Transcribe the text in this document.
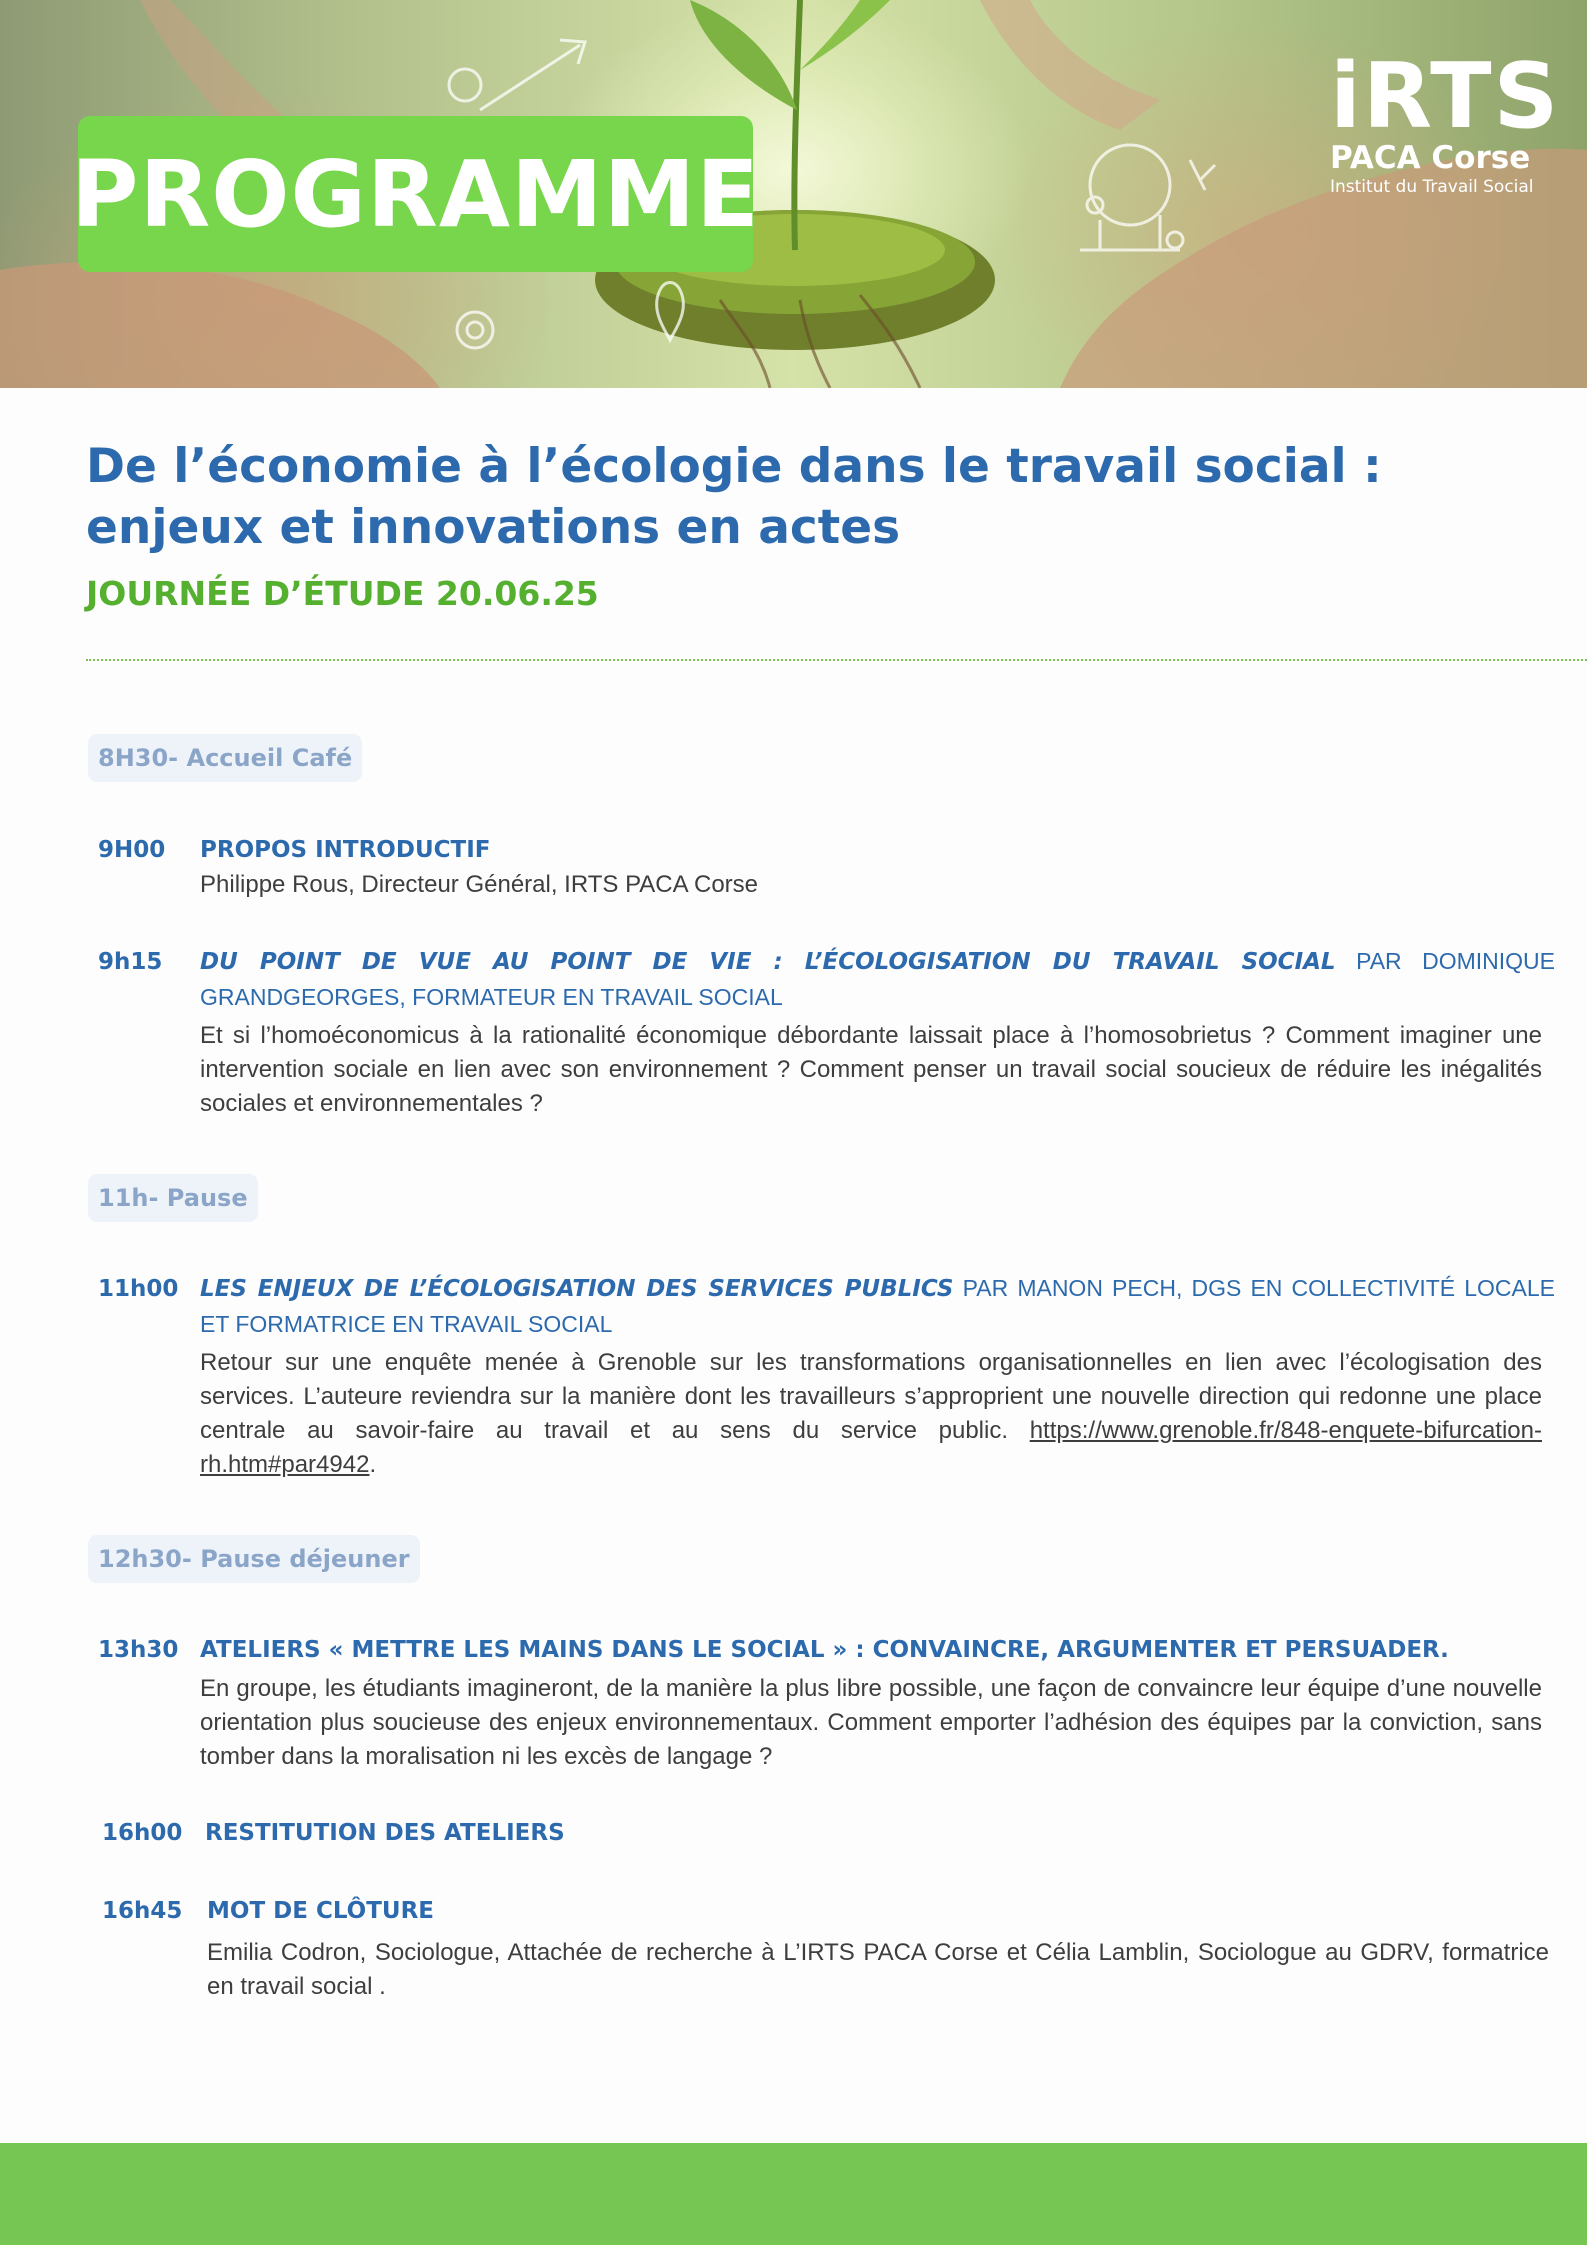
PROGRAMME
iRTS
PACA Corse
Institut du Travail Social
De l’économie à l’écologie dans le travail social :
enjeux et innovations en actes
JOURNÉE D’ÉTUDE 20.06.25
8H30- Accueil Café
9H00 PROPOS INTRODUCTIF

Philippe Rous, Directeur Général, IRTS PACA Corse

9h15 DU POINT DE VUE AU POINT DE VIE : L’ÉCOLOGISATION DU TRAVAIL SOCIAL PAR DOMINIQUE GRANDGEORGES, FORMATEUR EN TRAVAIL SOCIAL

Et si l’homoéconomicus à la rationalité économique débordante laissait place à l’homosobrietus ? Comment imaginer une intervention sociale en lien avec son environnement ? Comment penser un travail social soucieux de réduire les inégalités sociales et environnementales ?

11h- Pause
11h00 LES ENJEUX DE L’ÉCOLOGISATION DES SERVICES PUBLICS PAR MANON PECH, DGS EN COLLECTIVITÉ LOCALE ET FORMATRICE EN TRAVAIL SOCIAL

Retour sur une enquête menée à Grenoble sur les transformations organisationnelles en lien avec l’écologisation des services. L’auteure reviendra sur la manière dont les travailleurs s’approprient une nouvelle direction qui redonne une place centrale au savoir-faire au travail et au sens du service public. https://www.grenoble.fr/848-enquete-bifurcation-rh.htm#par4942.

12h30- Pause déjeuner
13h30 ATELIERS « METTRE LES MAINS DANS LE SOCIAL » : CONVAINCRE, ARGUMENTER ET PERSUADER.

En groupe, les étudiants imagineront, de la manière la plus libre possible, une façon de convaincre leur équipe d’une nouvelle orientation plus soucieuse des enjeux environnementaux. Comment emporter l’adhésion des équipes par la conviction, sans tomber dans la moralisation ni les excès de langage ?

16h00 RESTITUTION DES ATELIERS

16h45 MOT DE CLÔTURE

Emilia Codron, Sociologue, Attachée de recherche à L’IRTS PACA Corse et Célia Lamblin, Sociologue au GDRV, formatrice en travail social .
